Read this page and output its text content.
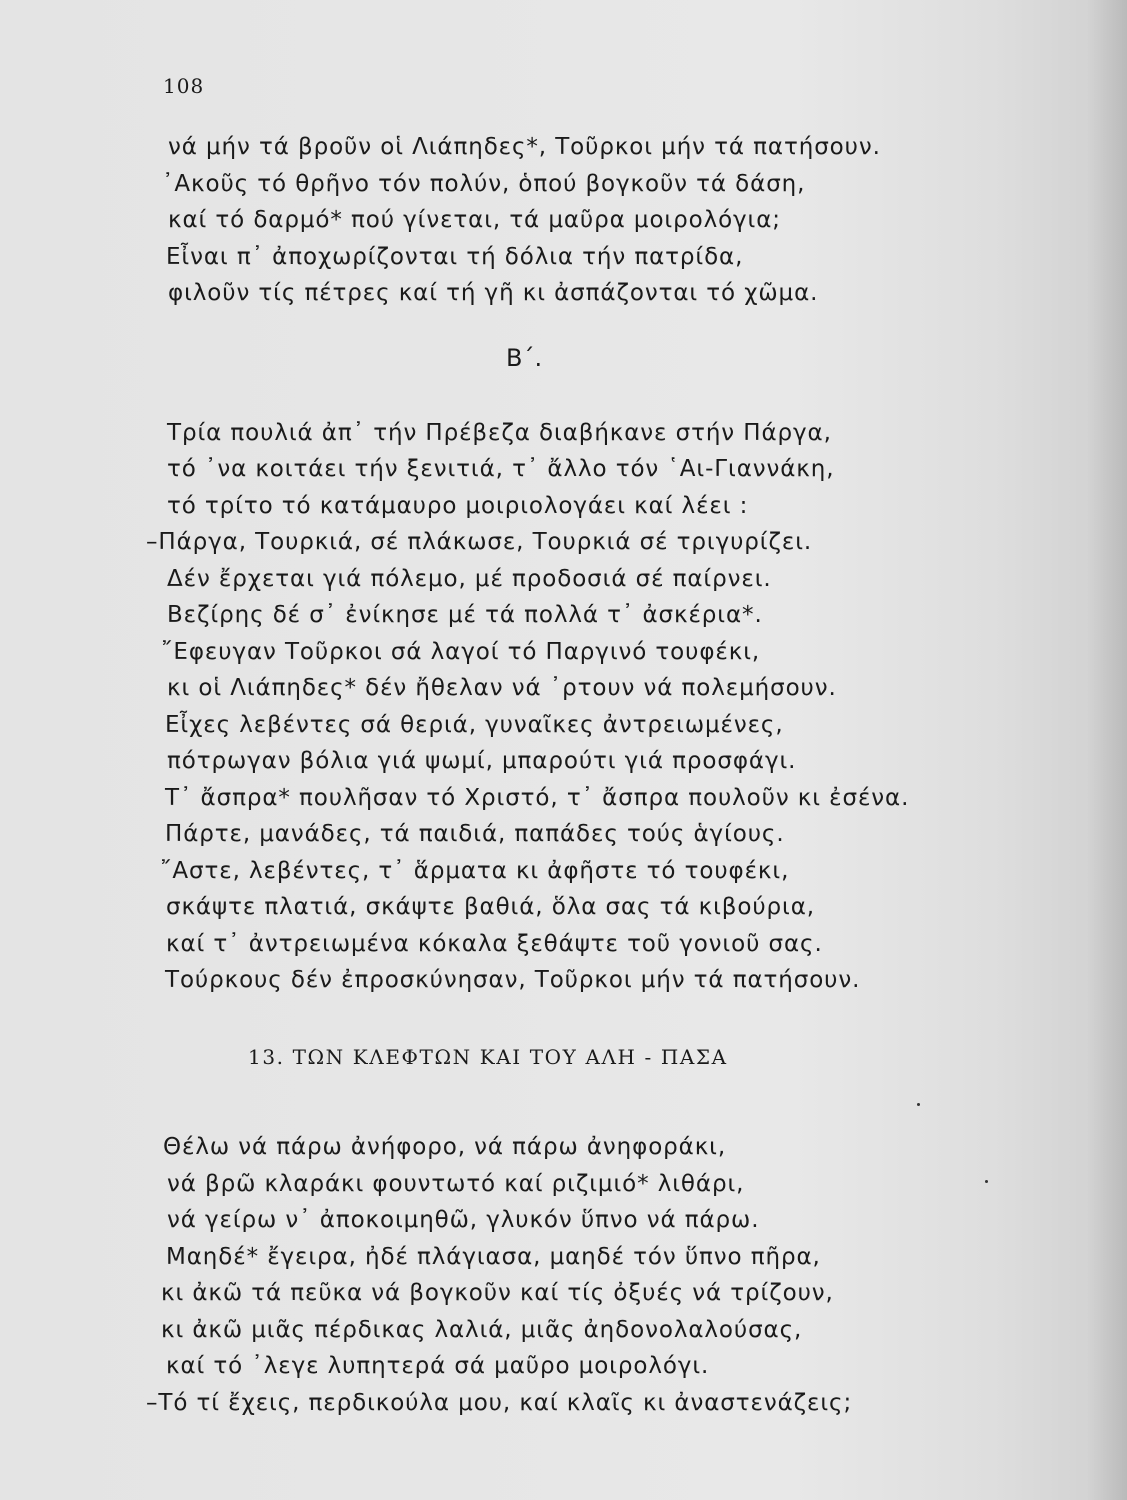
108
νά μήν τά βροῦν οἱ Λιάπηδες*, Τοῦρκοι μήν τά πατήσουν.
᾿Ακοῦς τό θρῆνο τόν πολύν, ὁπού βογκοῦν τά δάση,
καί τό δαρμό* πού γίνεται, τά μαῦρα μοιρολόγια;
Εἶναι π᾿ ἀποχωρίζονται τή δόλια τήν πατρίδα,
φιλοῦν τίς πέτρες καί τή γῆ κι ἀσπάζονται τό χῶμα.
Β΄.
Τρία πουλιά ἀπ᾿ τήν Πρέβεζα διαβήκανε στήν Πάργα,
τό ᾿να κοιτάει τήν ξενιτιά, τ᾿ ἄλλο τόν ῾Αι-Γιαννάκη,
τό τρίτο τό κατάμαυρο μοιριολογάει καί λέει :
–Πάργα, Τουρκιά, σέ πλάκωσε, Τουρκιά σέ τριγυρίζει.
Δέν ἔρχεται γιά πόλεμο, μέ προδοσιά σέ παίρνει.
Βεζίρης δέ σ᾿ ἐνίκησε μέ τά πολλά τ᾿ ἀσκέρια*.
῎Εφευγαν Τοῦρκοι σά λαγοί τό Παργινό τουφέκι,
κι οἱ Λιάπηδες* δέν ἤθελαν νά ᾿ρτουν νά πολεμήσουν.
Εἶχες λεβέντες σά θεριά, γυναῖκες ἀντρειωμένες,
πότρωγαν βόλια γιά ψωμί, μπαρούτι γιά προσφάγι.
Τ᾿ ἄσπρα* πουλῆσαν τό Χριστό, τ᾿ ἄσπρα πουλοῦν κι ἐσένα.
Πάρτε, μανάδες, τά παιδιά, παπάδες τούς ἁγίους.
῎Αστε, λεβέντες, τ᾿ ἅρματα κι ἀφῆστε τό τουφέκι,
σκάψτε πλατιά, σκάψτε βαθιά, ὅλα σας τά κιβούρια,
καί τ᾿ ἀντρειωμένα κόκαλα ξεθάψτε τοῦ γονιοῦ σας.
Τούρκους δέν ἐπροσκύνησαν, Τοῦρκοι μήν τά πατήσουν.
13. ΤΩΝ ΚΛΕΦΤΩΝ ΚΑΙ ΤΟΥ ΑΛΗ - ΠΑΣΑ
Θέλω νά πάρω ἀνήφορο, νά πάρω ἀνηφοράκι,
νά βρῶ κλαράκι φουντωτό καί ριζιμιό* λιθάρι,
νά γείρω ν᾿ ἀποκοιμηθῶ, γλυκόν ὕπνο νά πάρω.
Μαηδέ* ἔγειρα, ἠδέ πλάγιασα, μαηδέ τόν ὕπνο πῆρα,
κι ἀκῶ τά πεῦκα νά βογκοῦν καί τίς ὀξυές νά τρίζουν,
κι ἀκῶ μιᾶς πέρδικας λαλιά, μιᾶς ἀηδονολαλούσας,
καί τό ᾿λεγε λυπητερά σά μαῦρο μοιρολόγι.
–Τό τί ἔχεις, περδικούλα μου, καί κλαῖς κι ἀναστενάζεις;
